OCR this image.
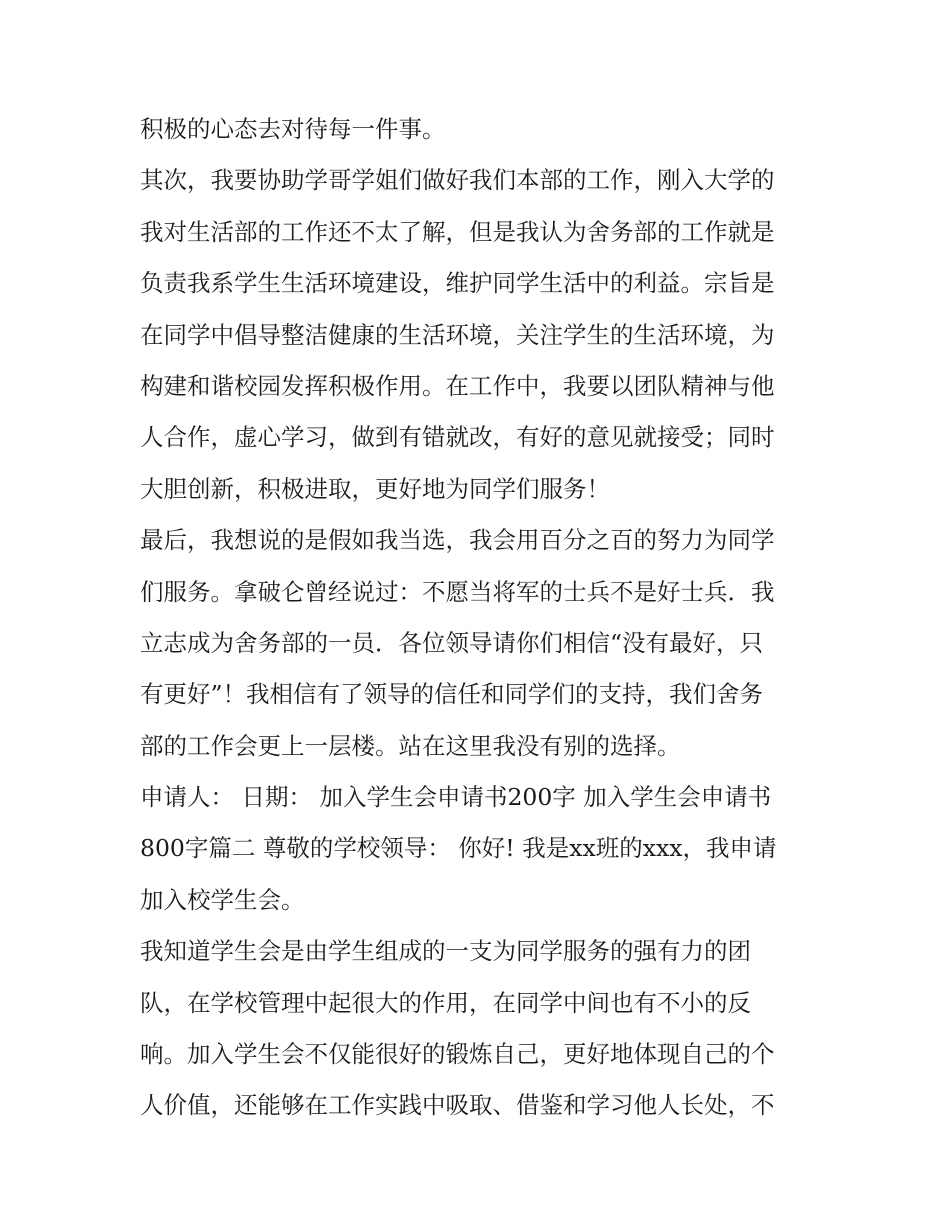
积极的心态去对待每一件事。
其次，我要协助学哥学姐们做好我们本部的工作，刚入大学的
我对生活部的工作还不太了解，但是我认为舍务部的工作就是
负责我系学生生活环境建设，维护同学生活中的利益。宗旨是
在同学中倡导整洁健康的生活环境，关注学生的生活环境，为
构建和谐校园发挥积极作用。在工作中，我要以团队精神与他
人合作，虚心学习，做到有错就改，有好的意见就接受；同时
大胆创新，积极进取，更好地为同学们服务！
最后，我想说的是假如我当选，我会用百分之百的努力为同学
们服务。拿破仑曾经说过：不愿当将军的士兵不是好士兵．我
立志成为舍务部的一员．各位领导请你们相信“没有最好，只
有更好”！我相信有了领导的信任和同学们的支持，我们舍务
部的工作会更上一层楼。站在这里我没有别的选择。
申请人： 日期： 加入学生会申请书200字 加入学生会申请书
800字篇二 尊敬的学校领导： 你好! 我是xx班的xxx，我申请
加入校学生会。
我知道学生会是由学生组成的一支为同学服务的强有力的团
队，在学校管理中起很大的作用，在同学中间也有不小的反
响。加入学生会不仅能很好的锻炼自己，更好地体现自己的个
人价值，还能够在工作实践中吸取、借鉴和学习他人长处，不
